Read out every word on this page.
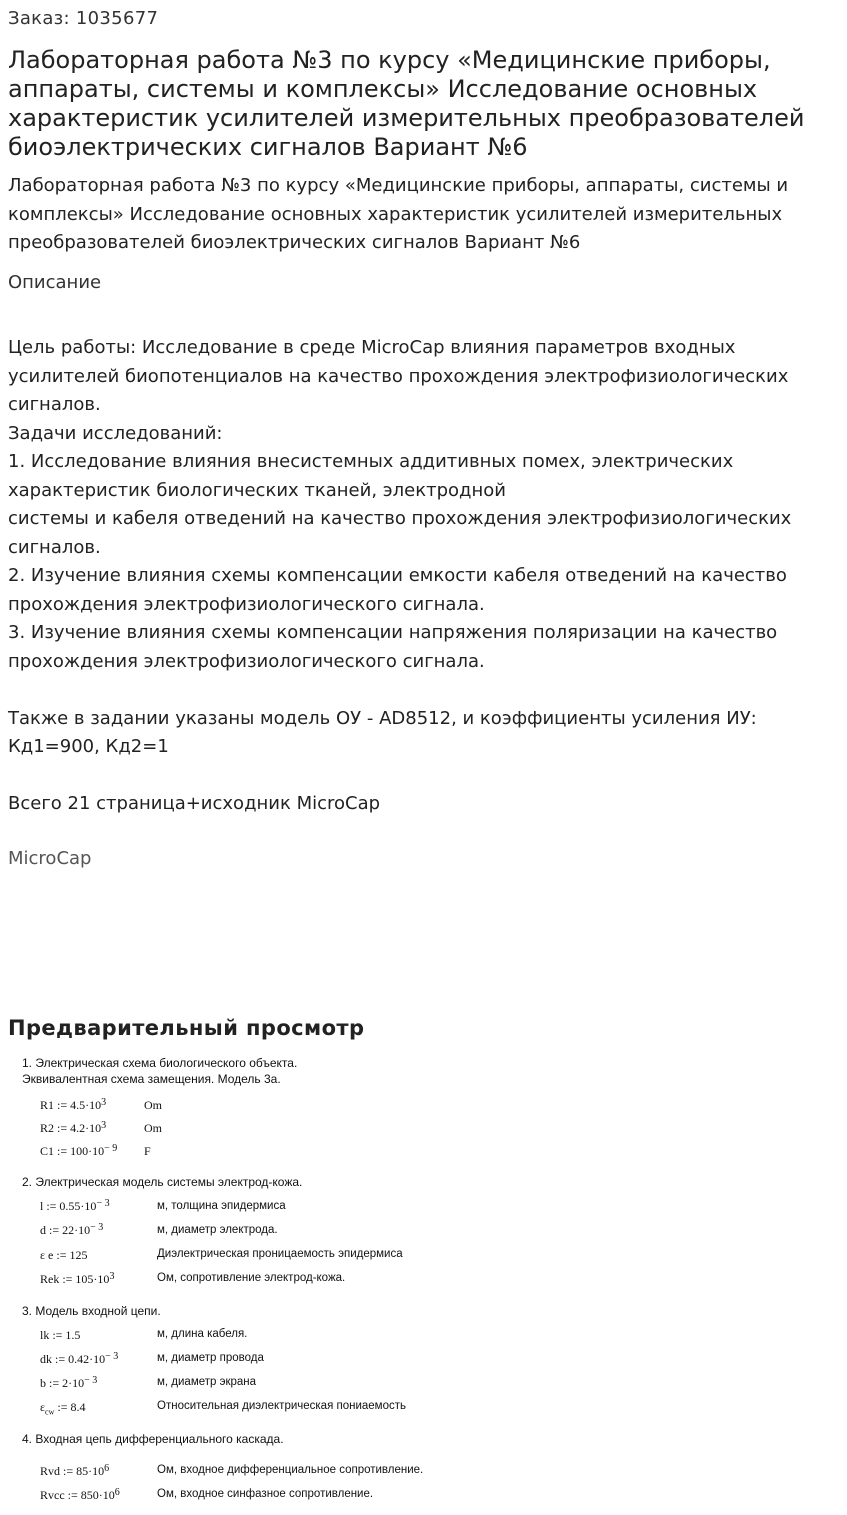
Заказ: 1035677
Лабораторная работа №3 по курсу «Медицинские приборы, аппараты, системы и комплексы» Исследование основных характеристик усилителей измерительных преобразователей биоэлектрических сигналов Вариант №6
Лабораторная работа №3 по курсу «Медицинские приборы, аппараты, системы и комплексы» Исследование основных характеристик усилителей измерительных преобразователей биоэлектрических сигналов Вариант №6
Описание
Цель работы: Исследование в среде MicroCap влияния параметров входных
усилителей биопотенциалов на качество прохождения электрофизиологических
сигналов.
Задачи исследований:
1. Исследование влияния внесистемных аддитивных помех, электрических
характеристик биологических тканей, электродной
системы и кабеля отведений на качество прохождения электрофизиологических
сигналов.
2. Изучение влияния схемы компенсации емкости кабеля отведений на качество
прохождения электрофизиологического сигнала.
3. Изучение влияния схемы компенсации напряжения поляризации на качество
прохождения электрофизиологического сигнала.
Также в задании указаны модель ОУ - AD8512, и коэффициенты усиления ИУ:
Кд1=900, Кд2=1
Всего 21 страница+исходник MicroCap
MicroCap
Предварительный просмотр
1. Электрическая схема биологического объекта.
Эквивалентная схема замещения. Модель 3а.
R1 := $4.5\cdot 10^3$	Om
R2 := $4.2\cdot 10^3$	Om
C1 := $100\cdot 10^{- 9}$ F
2. Электрическая модель системы электрод-кожа.
l := $0.55\cdot 10^{- 3}$	м, толщина эпидермиса
d := $22\cdot 10^{- 3}$	м, диаметр электрода.
ε e := 125	Диэлектрическая проницаемость эпидермиса
Rek := $105\cdot 10^3$	Ом, сопротивление электрод-кожа.
3. Модель входной цепи.
lk := 1.5	м, длина кабеля.
dk := $0.42\cdot 10^{- 3}$	м, диаметр провода
b := $2\cdot 10^{- 3}$	м, диаметр экрана
$\varepsilon_{cw}$ := 8.4	Относительная диэлектрическая пониаемость
4. Входная цепь дифференциального каскада.
Rvd := $85\cdot 10^6$	Ом, входное дифференциальное сопротивление.
Rvcc := $850\cdot 10^6$	Ом, входное синфазное сопротивление.
